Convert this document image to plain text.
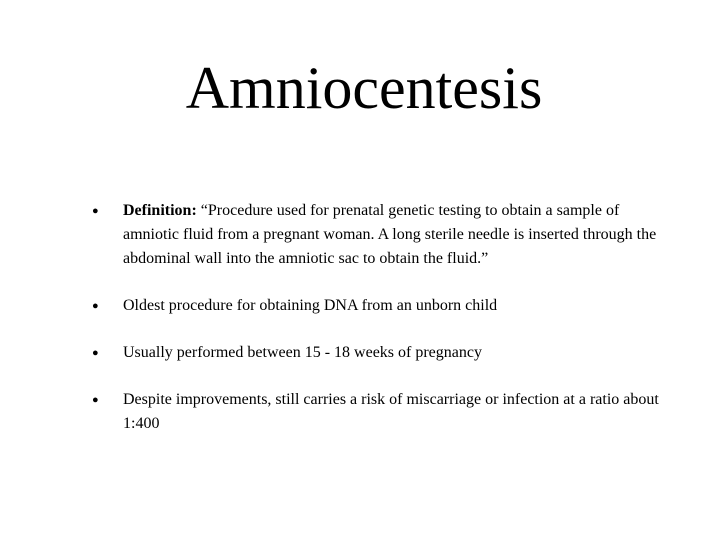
Amniocentesis
●	Definition: “Procedure used for prenatal genetic testing to obtain a sample of amniotic fluid from a pregnant woman. A long sterile needle is inserted through the abdominal wall into the amniotic sac to obtain the fluid.”
●	Oldest procedure for obtaining DNA from an unborn child
●	Usually performed between 15 - 18 weeks of pregnancy
●	Despite improvements, still carries a risk of miscarriage or infection at a ratio about 1:400
